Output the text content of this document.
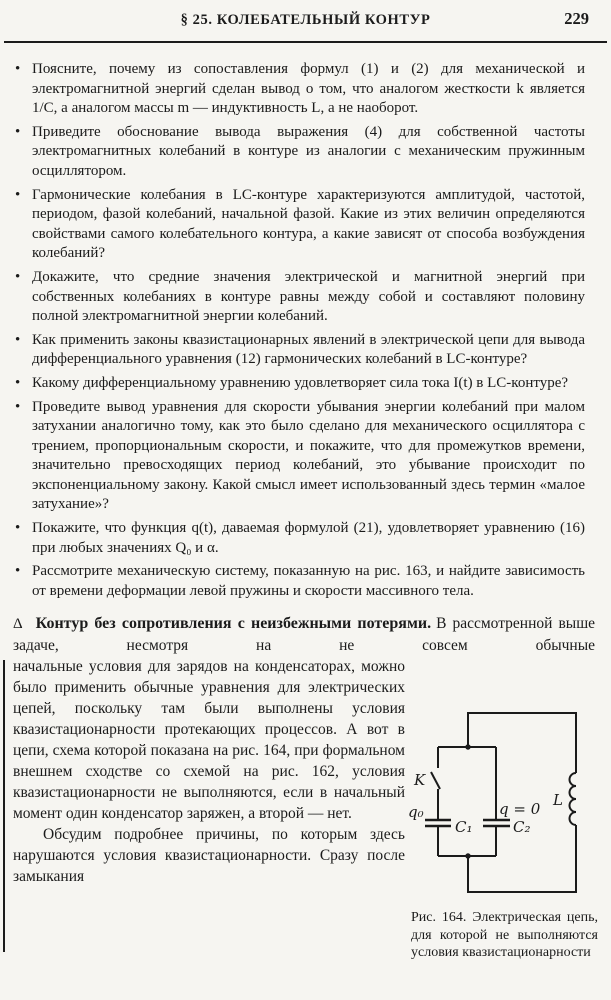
§ 25. КОЛЕБАТЕЛЬНЫЙ КОНТУР	229
• Поясните, почему из сопоставления формул (1) и (2) для механической и электромагнитной энергий сделан вывод о том, что аналогом жесткости k является 1/C, а аналогом массы m — индуктивность L, а не наоборот.
• Приведите обоснование вывода выражения (4) для собственной частоты электромагнитных колебаний в контуре из аналогии с механическим пружинным осциллятором.
• Гармонические колебания в LC-контуре характеризуются амплитудой, частотой, периодом, фазой колебаний, начальной фазой. Какие из этих величин определяются свойствами самого колебательного контура, а какие зависят от способа возбуждения колебаний?
• Докажите, что средние значения электрической и магнитной энергий при собственных колебаниях в контуре равны между собой и составляют половину полной электромагнитной энергии колебаний.
• Как применить законы квазистационарных явлений в электрической цепи для вывода дифференциального уравнения (12) гармонических колебаний в LC-контуре?
• Какому дифференциальному уравнению удовлетворяет сила тока I(t) в LC-контуре?
• Проведите вывод уравнения для скорости убывания энергии колебаний при малом затухании аналогично тому, как это было сделано для механического осциллятора с трением, пропорциональным скорости, и покажите, что для промежутков времени, значительно превосходящих период колебаний, это убывание происходит по экспоненциальному закону. Какой смысл имеет использованный здесь термин «малое затухание»?
• Покажите, что функция q(t), даваемая формулой (21), удовлетворяет уравнению (16) при любых значениях Q₀ и α.
• Рассмотрите механическую систему, показанную на рис. 163, и найдите зависимость от времени деформации левой пружины и скорости массивного тела.

Δ Контур без сопротивления с неизбежными потерями. В рассмотренной выше задаче, несмотря на не совсем обычные

начальные условия для зарядов на конденсаторах, можно было применить обычные уравнения для электрических цепей, поскольку там были выполнены условия квазистационарности протекающих процессов. А вот в цепи, схема которой показана на рис. 164, при формальном внешнем сходстве со схемой на рис. 162, условия квазистационарности не выполняются, если в начальный момент один конденсатор заряжен, а второй — нет.

Обсудим подробнее причины, по которым здесь нарушаются условия квазистационарности. Сразу после замыкания

K
q₀
C₁
q = 0
C₂
L
Рис. 164. Электрическая цепь, для которой не выполняются условия квазистационарности
